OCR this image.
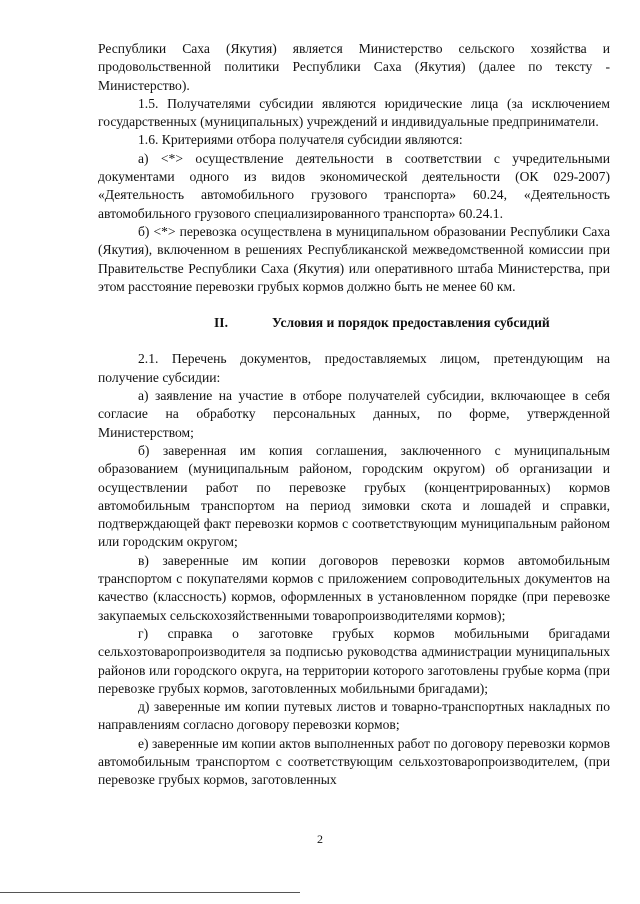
Республики Саха (Якутия) является Министерство сельского хозяйства и продовольственной политики Республики Саха (Якутия) (далее по тексту - Министерство).

1.5. Получателями субсидии являются юридические лица (за исключением государственных (муниципальных) учреждений и индивидуальные предприниматели.

1.6. Критериями отбора получателя субсидии являются:

а) <*> осуществление деятельности в соответствии с учредительными документами одного из видов экономической деятельности (ОК 029-2007) «Деятельность автомобильного грузового транспорта» 60.24, «Деятельность автомобильного грузового специализированного транспорта» 60.24.1.

б) <*> перевозка осуществлена в муниципальном образовании Республики Саха (Якутия), включенном в решениях Республиканской межведомственной комиссии при Правительстве Республики Саха (Якутия) или оперативного штаба Министерства, при этом расстояние перевозки грубых кормов должно быть не менее 60 км.

II.	Условия и порядок предоставления субсидий

2.1. Перечень документов, предоставляемых лицом, претендующим на получение субсидии:

а) заявление на участие в отборе получателей субсидии, включающее в себя согласие на обработку персональных данных, по форме, утвержденной Министерством;

б) заверенная им копия соглашения, заключенного с муниципальным образованием (муниципальным районом, городским округом) об организации и осуществлении работ по перевозке грубых (концентрированных) кормов автомобильным транспортом на период зимовки скота и лошадей и справки, подтверждающей факт перевозки кормов с соответствующим муниципальным районом или городским округом;

в) заверенные им копии договоров перевозки кормов автомобильным транспортом с покупателями кормов с приложением сопроводительных документов на качество (классность) кормов, оформленных в установленном порядке (при перевозке закупаемых сельскохозяйственными товаропроизводителями кормов);

г) справка о заготовке грубых кормов мобильными бригадами сельхозтоваропроизводителя за подписью руководства администрации муниципальных районов или городского округа, на территории которого заготовлены грубые корма (при перевозке грубых кормов, заготовленных мобильными бригадами);

д) заверенные им копии путевых листов и товарно-транспортных накладных по направлениям согласно договору перевозки кормов;

е) заверенные им копии актов выполненных работ по договору перевозки кормов автомобильным транспортом с соответствующим сельхозтоваропроизводителем, (при перевозке грубых кормов, заготовленных

2
